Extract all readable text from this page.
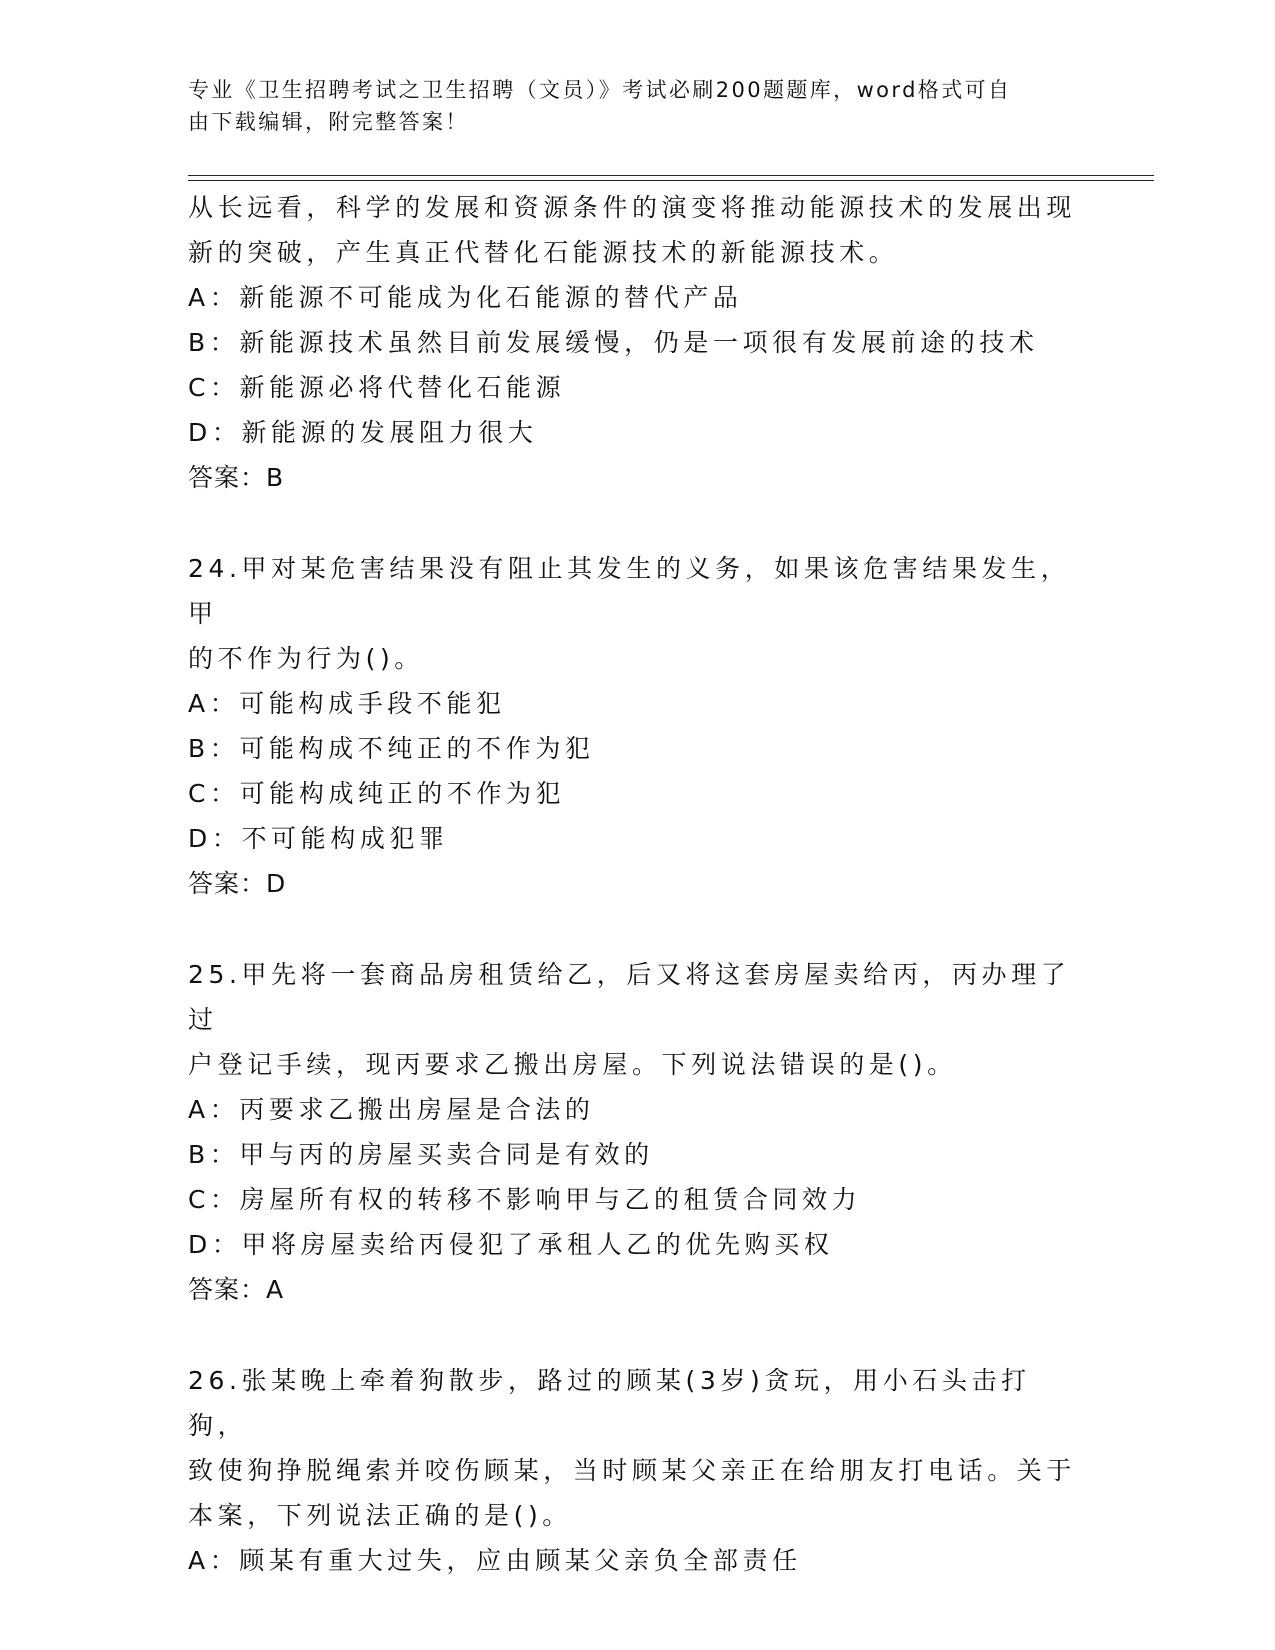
专业《卫生招聘考试之卫生招聘（文员）》考试必刷200题题库，word格式可自
由下载编辑，附完整答案！

从长远看，科学的发展和资源条件的演变将推动能源技术的发展出现

新的突破，产生真正代替化石能源技术的新能源技术。

A：新能源不可能成为化石能源的替代产品

B：新能源技术虽然目前发展缓慢，仍是一项很有发展前途的技术

C：新能源必将代替化石能源

D：新能源的发展阻力很大

答案：B

24.甲对某危害结果没有阻止其发生的义务，如果该危害结果发生，甲

的不作为行为()。

A：可能构成手段不能犯

B：可能构成不纯正的不作为犯

C：可能构成纯正的不作为犯

D：不可能构成犯罪

答案：D

25.甲先将一套商品房租赁给乙，后又将这套房屋卖给丙，丙办理了过

户登记手续，现丙要求乙搬出房屋。下列说法错误的是()。

A：丙要求乙搬出房屋是合法的

B：甲与丙的房屋买卖合同是有效的

C：房屋所有权的转移不影响甲与乙的租赁合同效力

D：甲将房屋卖给丙侵犯了承租人乙的优先购买权

答案：A

26.张某晚上牵着狗散步，路过的顾某(3岁)贪玩，用小石头击打狗，

致使狗挣脱绳索并咬伤顾某，当时顾某父亲正在给朋友打电话。关于

本案，下列说法正确的是()。

A：顾某有重大过失，应由顾某父亲负全部责任
